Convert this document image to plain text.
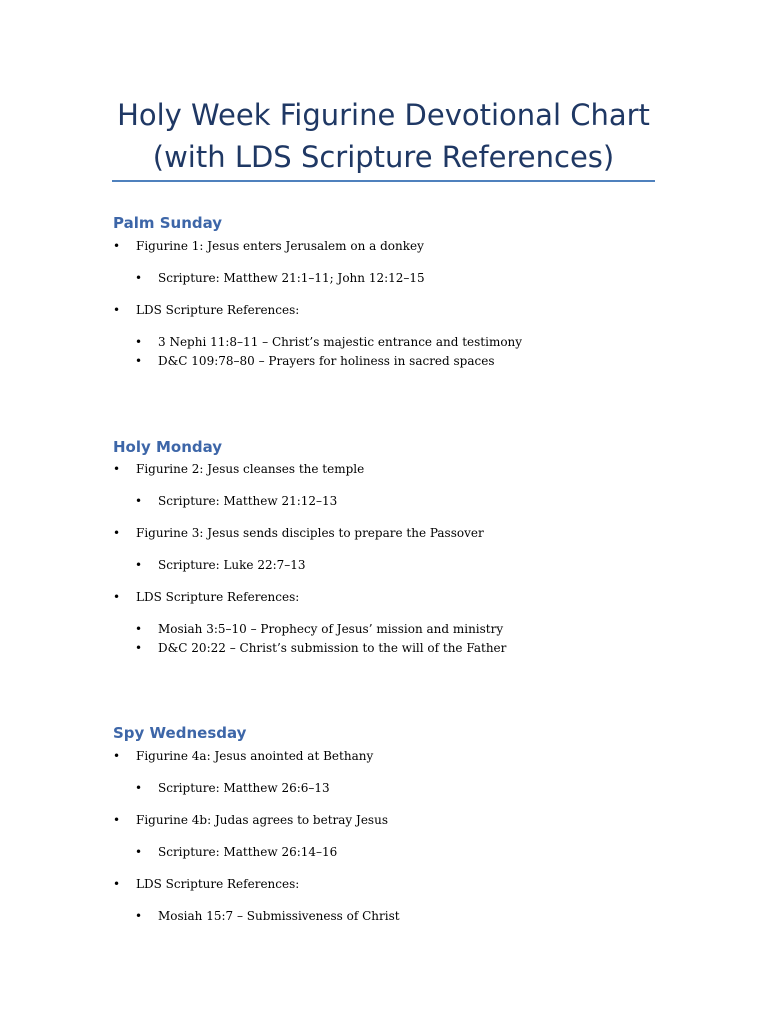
Holy Week Figurine Devotional Chart
(with LDS Scripture References)
Palm Sunday
• Figurine 1: Jesus enters Jerusalem on a donkey
• Scripture: Matthew 21:1–11; John 12:12–15
• LDS Scripture References:
• 3 Nephi 11:8–11 – Christ’s majestic entrance and testimony
• D&C 109:78–80 – Prayers for holiness in sacred spaces
Holy Monday
• Figurine 2: Jesus cleanses the temple
• Scripture: Matthew 21:12–13
• Figurine 3: Jesus sends disciples to prepare the Passover
• Scripture: Luke 22:7–13
• LDS Scripture References:
• Mosiah 3:5–10 – Prophecy of Jesus’ mission and ministry
• D&C 20:22 – Christ’s submission to the will of the Father
Spy Wednesday
• Figurine 4a: Jesus anointed at Bethany
• Scripture: Matthew 26:6–13
• Figurine 4b: Judas agrees to betray Jesus
• Scripture: Matthew 26:14–16
• LDS Scripture References:
• Mosiah 15:7 – Submissiveness of Christ
